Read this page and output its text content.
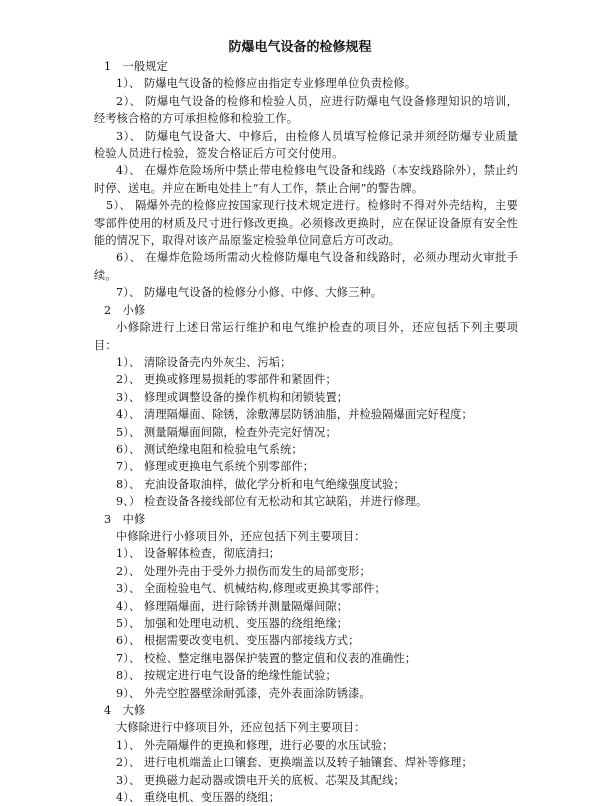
防爆电气设备的检修规程

1　一般规定

1）、 防爆电气设备的检修应由指定专业修理单位负责检修。

2）、 防爆电气设备的检修和检验人员，应进行防爆电气设备修理知识的培训，经考核合格的方可承担检修和检验工作。

3）、 防爆电气设备大、中修后，由检修人员填写检修记录并须经防爆专业质量检验人员进行检验，签发合格证后方可交付使用。

4）、 在爆炸危险场所中禁止带电检修电气设备和线路（本安线路除外），禁止约时停、送电。并应在断电处挂上“有人工作，禁止合闸”的警告牌。

5）、 隔爆外壳的检修应按国家现行技术规定进行。检修时不得对外壳结构，主要零部件使用的材质及尺寸进行修改更换。必须修改更换时，应在保证设备原有安全性能的情况下，取得对该产品原鉴定检验单位同意后方可改动。

6）、 在爆炸危险场所需动火检修防爆电气设备和线路时，必须办理动火审批手续。

7）、 防爆电气设备的检修分小修、中修、大修三种。

2　小修

小修除进行上述日常运行维护和电气维护检查的项目外，还应包括下列主要项目：

1）、 清除设备壳内外灰尘、污垢；

2）、 更换或修理易损耗的零部件和紧固件；

3）、 修理或调整设备的操作机构和闭锁装置；

4）、 清理隔爆面、除锈，涂敷薄层防锈油脂，并检验隔爆面完好程度；

5）、 测量隔爆面间隙，检查外壳完好情况；

6）、 测试绝缘电阻和检验电气系统；

7）、 修理或更换电气系统个别零部件；

8）、 充油设备取油样，做化学分析和电气绝缘强度试验；

9、） 检查设备各接线部位有无松动和其它缺陷，并进行修理。

3　中修

中修除进行小修项目外，还应包括下列主要项目：

1）、 设备解体检查，彻底清扫；

2）、 处理外壳由于受外力损伤而发生的局部变形；

3）、 全面检验电气、机械结构,修理或更换其零部件；

4）、 修理隔爆面，进行除锈并测量隔爆间隙；

5）、 加强和处理电动机、变压器的绕组绝缘；

6）、 根据需要改变电机、变压器内部接线方式；

7）、 校检、整定继电器保护装置的整定值和仪表的准确性；

8）、 按规定进行电气设备的绝缘性能试验；

9）、 外壳空腔器壁涂耐弧漆，壳外表面涂防锈漆。

4　大修

大修除进行中修项目外，还应包括下列主要项目：

1）、 外壳隔爆件的更换和修理，进行必要的水压试验；

2）、 进行电机端盖止口镶套、更换端盖以及转子轴镶套、焊补等修理；

3）、 更换磁力起动器或馈电开关的底板、芯架及其配线；

4）、 重绕电机、变压器的绕组；
